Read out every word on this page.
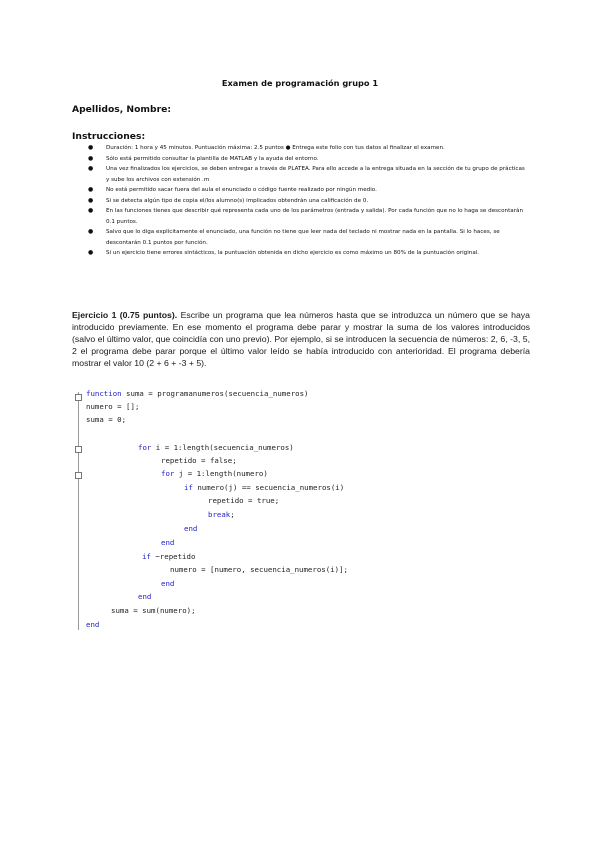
Examen de programación grupo 1
Apellidos, Nombre:
Instrucciones:
● Duración: 1 hora y 45 minutos. Puntuación máxima: 2.5 puntos ● Entrega este folio con tus datos al finalizar el examen.
● Sólo está permitido consultar la plantilla de MATLAB y la ayuda del entorno.
● Una vez finalizados los ejercicios, se deben entregar a través de PLATEA. Para ello accede a la entrega situada en la sección de tu grupo de prácticas y sube los archivos con extensión .m
● No está permitido sacar fuera del aula el enunciado o código fuente realizado por ningún medio.
● Si se detecta algún tipo de copia el/los alumno(s) implicados obtendrán una calificación de 0.
● En las funciones tienes que describir qué representa cada uno de los parámetros (entrada y salida). Por cada función que no lo haga se descontarán 0.1 puntos.
● Salvo que lo diga explícitamente el enunciado, una función no tiene que leer nada del teclado ni mostrar nada en la pantalla. Si lo haces, se descontarán 0.1 puntos por función.
● Si un ejercicio tiene errores sintácticos, la puntuación obtenida en dicho ejercicio es como máximo un 80% de la puntuación original.
Ejercicio 1 (0.75 puntos). Escribe un programa que lea números hasta que se introduzca un número que se haya introducido previamente. En ese momento el programa debe parar y mostrar la suma de los valores introducidos (salvo el último valor, que coincidía con uno previo). Por ejemplo, si se introducen la secuencia de números: 2, 6, -3, 5, 2 el programa debe parar porque el último valor leído se había introducido con anterioridad. El programa debería mostrar el valor 10 (2 + 6 + -3 + 5).
function suma = programanumeros(secuencia_numeros)
numero = [];
suma = 0;
for i = 1:length(secuencia_numeros)
repetido = false;
for j = 1:length(numero)
if numero(j) == secuencia_numeros(i)
repetido = true;
break;
end
end
if ~repetido
numero = [numero, secuencia_numeros(i)];
end
end
suma = sum(numero);
end
